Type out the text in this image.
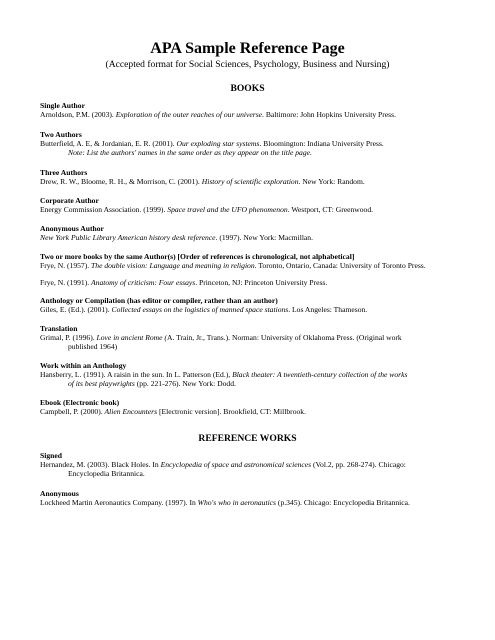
APA Sample Reference Page
(Accepted format for Social Sciences, Psychology, Business and Nursing)
BOOKS
Single Author
Arnoldson, P.M. (2003). Exploration of the outer reaches of our universe. Baltimore: John Hopkins University Press.
Two Authors
Butterfield, A. E, & Jordanian, E. R. (2001). Our exploding star systems. Bloomington: Indiana University Press.
Note: List the authors' names in the same order as they appear on the title page.
Three Authors
Drew, R. W., Bloome, R. H., & Morrison, C. (2001). History of scientific exploration. New York: Random.
Corporate Author
Energy Commission Association. (1999). Space travel and the UFO phenomenon. Westport, CT: Greenwood.
Anonymous Author
New York Public Library American history desk reference. (1997). New York: Macmillan.
Two or more books by the same Author(s) [Order of references is chronological, not alphabetical]
Frye, N. (1957). The double vision: Language and meaning in religion. Toronto, Ontario, Canada: University of Toronto Press.
Frye, N. (1991). Anatomy of criticism: Four essays. Princeton, NJ: Princeton University Press.
Anthology or Compilation (has editor or compiler, rather than an author)
Giles, E. (Ed.). (2001). Collected essays on the logistics of manned space stations. Los Angeles: Thameson.
Translation
Grimal, P. (1996). Love in ancient Rome (A. Train, Jr., Trans.). Norman: University of Oklahoma Press. (Original work
published 1964)
Work within an Anthology
Hansberry, L. (1991). A raisin in the sun. In L. Patterson (Ed.), Black theater: A twentieth-century collection of the works
of its best playwrights (pp. 221-276). New York: Dodd.
Ebook (Electronic book)
Campbell, P. (2000). Alien Encounters [Electronic version]. Brookfield, CT: Millbrook.
REFERENCE WORKS
Signed
Hernandez, M. (2003). Black Holes. In Encyclopedia of space and astronomical sciences (Vol.2, pp. 268-274). Chicago:
Encyclopedia Britannica.
Anonymous
Lockheed Martin Aeronautics Company. (1997). In Who's who in aeronautics (p.345). Chicago: Encyclopedia Britannica.
